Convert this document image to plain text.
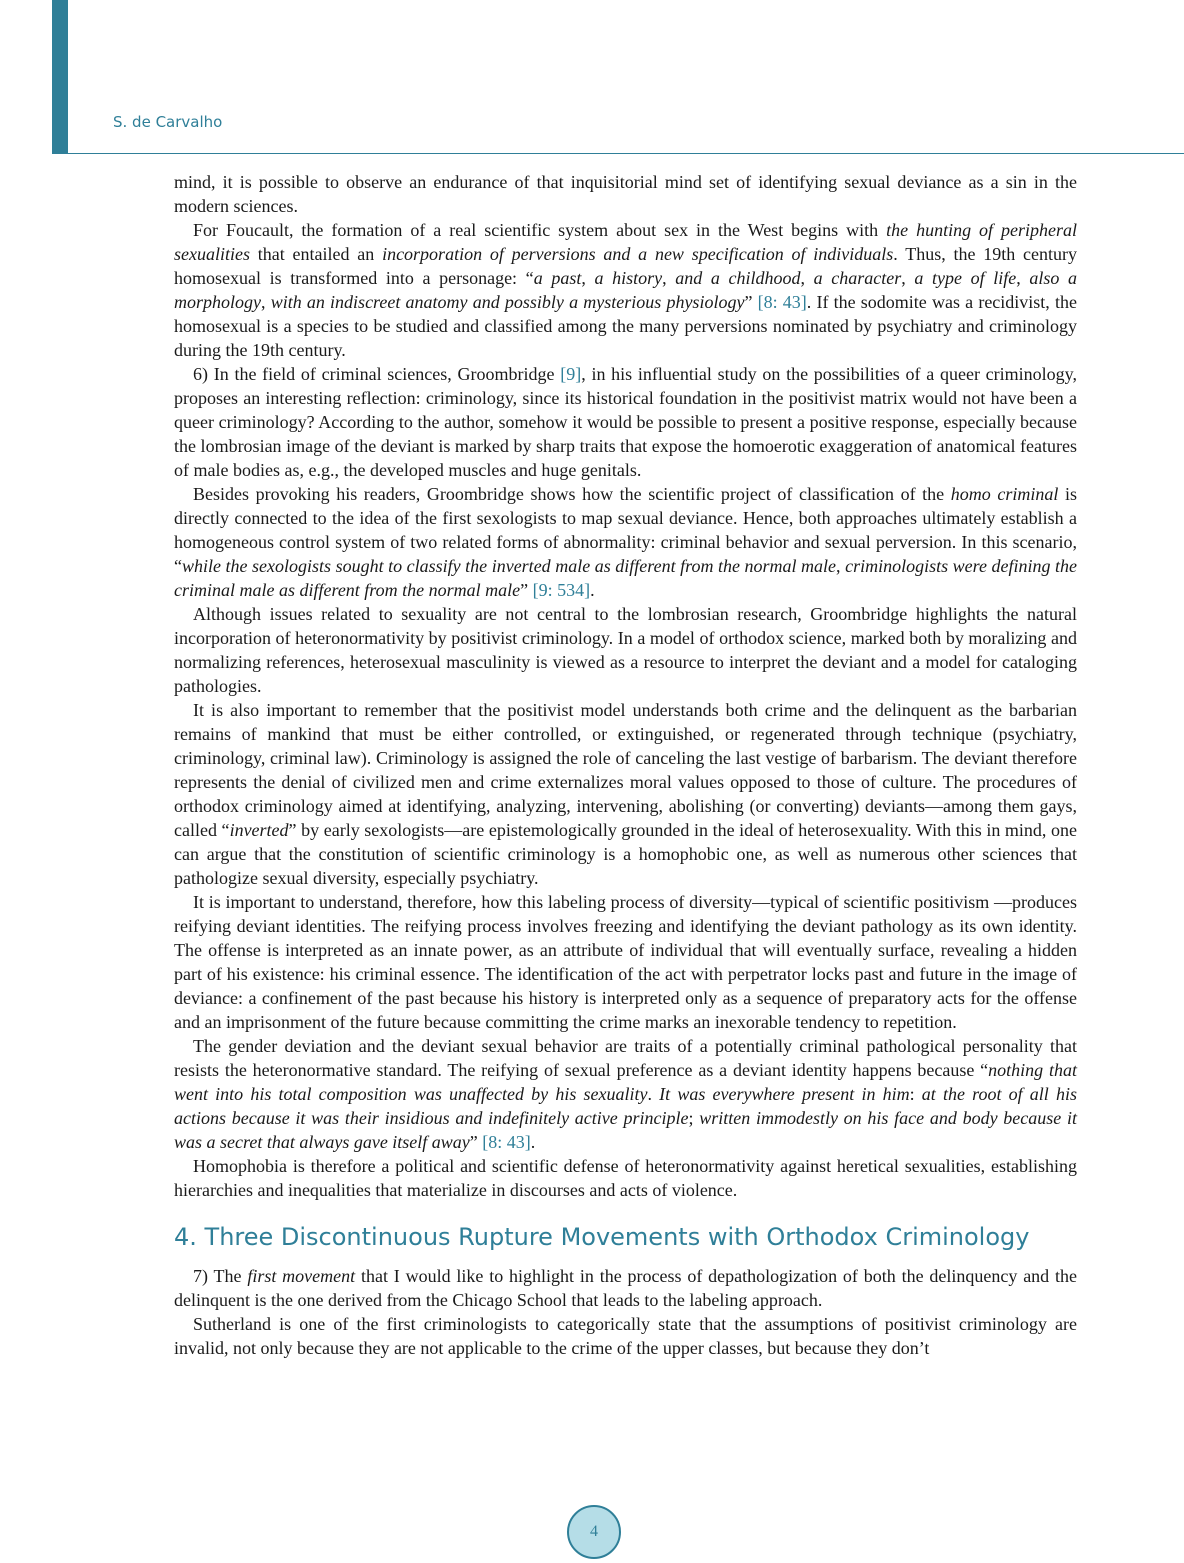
S. de Carvalho

mind, it is possible to observe an endurance of that inquisitorial mind set of identifying sexual deviance as a sin in the modern sciences.

For Foucault, the formation of a real scientific system about sex in the West begins with the hunting of peripheral sexualities that entailed an incorporation of perversions and a new specification of individuals. Thus, the 19th century homosexual is transformed into a personage: “a past, a history, and a childhood, a character, a type of life, also a morphology, with an indiscreet anatomy and possibly a mysterious physiology” [8: 43]. If the sodomite was a recidivist, the homosexual is a species to be studied and classified among the many perversions nominated by psychiatry and criminology during the 19th century.

6) In the field of criminal sciences, Groombridge [9], in his influential study on the possibilities of a queer criminology, proposes an interesting reflection: criminology, since its historical foundation in the positivist matrix would not have been a queer criminology? According to the author, somehow it would be possible to present a positive response, especially because the lombrosian image of the deviant is marked by sharp traits that expose the homoerotic exaggeration of anatomical features of male bodies as, e.g., the developed muscles and huge genitals.

Besides provoking his readers, Groombridge shows how the scientific project of classification of the homo criminal is directly connected to the idea of the first sexologists to map sexual deviance. Hence, both approaches ultimately establish a homogeneous control system of two related forms of abnormality: criminal behavior and sexual perversion. In this scenario, “while the sexologists sought to classify the inverted male as different from the normal male, criminologists were defining the criminal male as different from the normal male” [9: 534].

Although issues related to sexuality are not central to the lombrosian research, Groombridge highlights the natural incorporation of heteronormativity by positivist criminology. In a model of orthodox science, marked both by moralizing and normalizing references, heterosexual masculinity is viewed as a resource to interpret the deviant and a model for cataloging pathologies.

It is also important to remember that the positivist model understands both crime and the delinquent as the barbarian remains of mankind that must be either controlled, or extinguished, or regenerated through technique (psychiatry, criminology, criminal law). Criminology is assigned the role of canceling the last vestige of barbarism. The deviant therefore represents the denial of civilized men and crime externalizes moral values opposed to those of culture. The procedures of orthodox criminology aimed at identifying, analyzing, intervening, abolishing (or converting) deviants—among them gays, called “inverted” by early sexologists—are epistemologically grounded in the ideal of heterosexuality. With this in mind, one can argue that the constitution of scientific criminology is a homophobic one, as well as numerous other sciences that pathologize sexual diversity, especially psychiatry.

It is important to understand, therefore, how this labeling process of diversity—typical of scientific positivism —produces reifying deviant identities. The reifying process involves freezing and identifying the deviant pathology as its own identity. The offense is interpreted as an innate power, as an attribute of individual that will eventually surface, revealing a hidden part of his existence: his criminal essence. The identification of the act with perpetrator locks past and future in the image of deviance: a confinement of the past because his history is interpreted only as a sequence of preparatory acts for the offense and an imprisonment of the future because committing the crime marks an inexorable tendency to repetition.

The gender deviation and the deviant sexual behavior are traits of a potentially criminal pathological personality that resists the heteronormative standard. The reifying of sexual preference as a deviant identity happens because “nothing that went into his total composition was unaffected by his sexuality. It was everywhere present in him: at the root of all his actions because it was their insidious and indefinitely active principle; written immodestly on his face and body because it was a secret that always gave itself away” [8: 43].

Homophobia is therefore a political and scientific defense of heteronormativity against heretical sexualities, establishing hierarchies and inequalities that materialize in discourses and acts of violence.

4. Three Discontinuous Rupture Movements with Orthodox Criminology

7) The first movement that I would like to highlight in the process of depathologization of both the delinquency and the delinquent is the one derived from the Chicago School that leads to the labeling approach.

Sutherland is one of the first criminologists to categorically state that the assumptions of positivist criminology are invalid, not only because they are not applicable to the crime of the upper classes, but because they don’t

4
